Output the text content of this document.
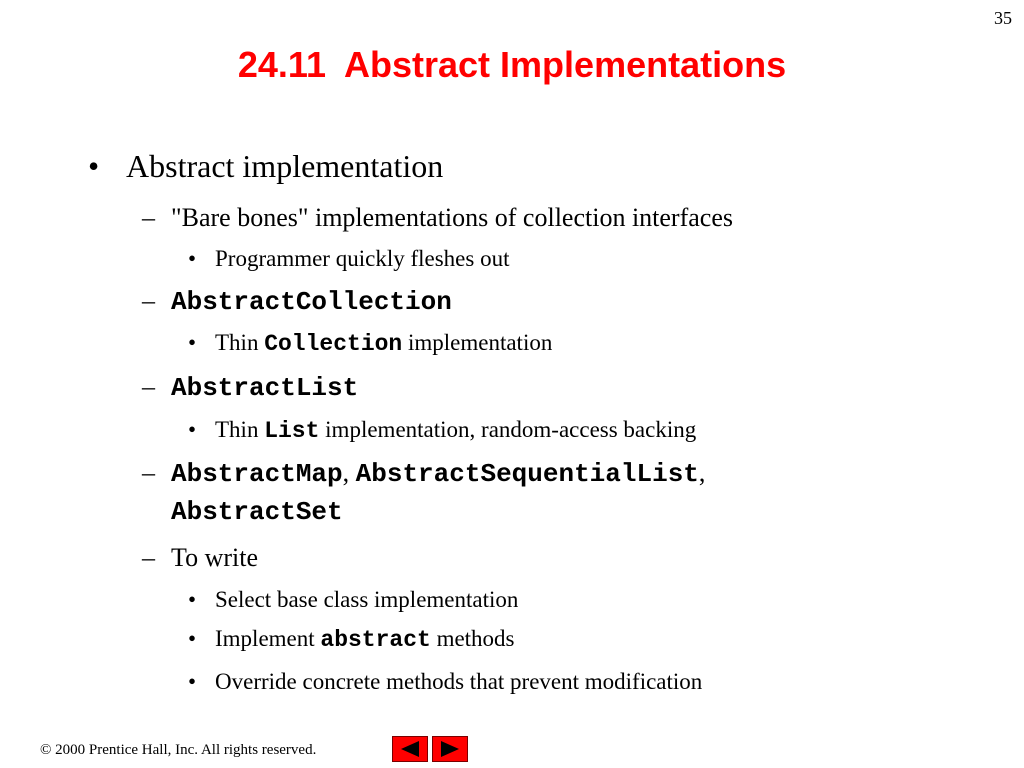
35
24.11 Abstract Implementations
• Abstract implementation
– "Bare bones" implementations of collection interfaces
• Programmer quickly fleshes out
– AbstractCollection
• Thin Collection implementation
– AbstractList
• Thin List implementation, random-access backing
– AbstractMap, AbstractSequentialList,
AbstractSet
– To write
• Select base class implementation
• Implement abstract methods
• Override concrete methods that prevent modification
© 2000 Prentice Hall, Inc. All rights reserved.
